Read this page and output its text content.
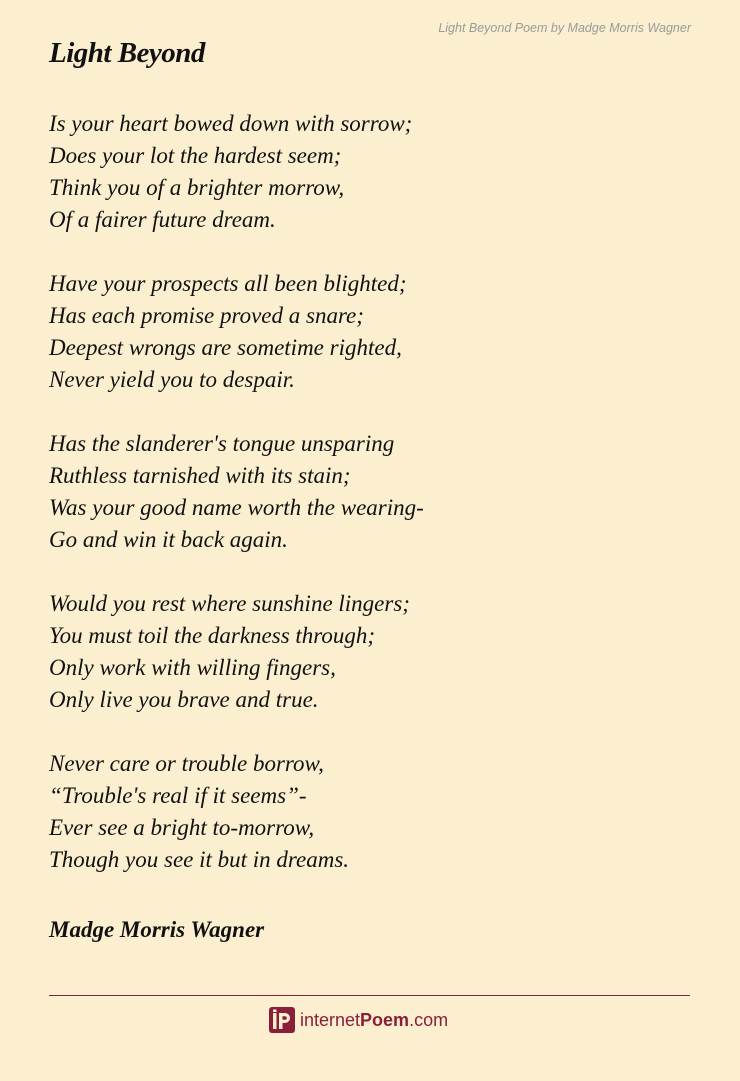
Light Beyond Poem by Madge Morris Wagner
Light Beyond
Is your heart bowed down with sorrow;
Does your lot the hardest seem;
Think you of a brighter morrow,
Of a fairer future dream.
Have your prospects all been blighted;
Has each promise proved a snare;
Deepest wrongs are sometime righted,
Never yield you to despair.
Has the slanderer's tongue unsparing
Ruthless tarnished with its stain;
Was your good name worth the wearing-
Go and win it back again.
Would you rest where sunshine lingers;
You must toil the darkness through;
Only work with willing fingers,
Only live you brave and true.
Never care or trouble borrow,
“Trouble's real if it seems”-
Ever see a bright to-morrow,
Though you see it but in dreams.
Madge Morris Wagner
internetPoem.com
